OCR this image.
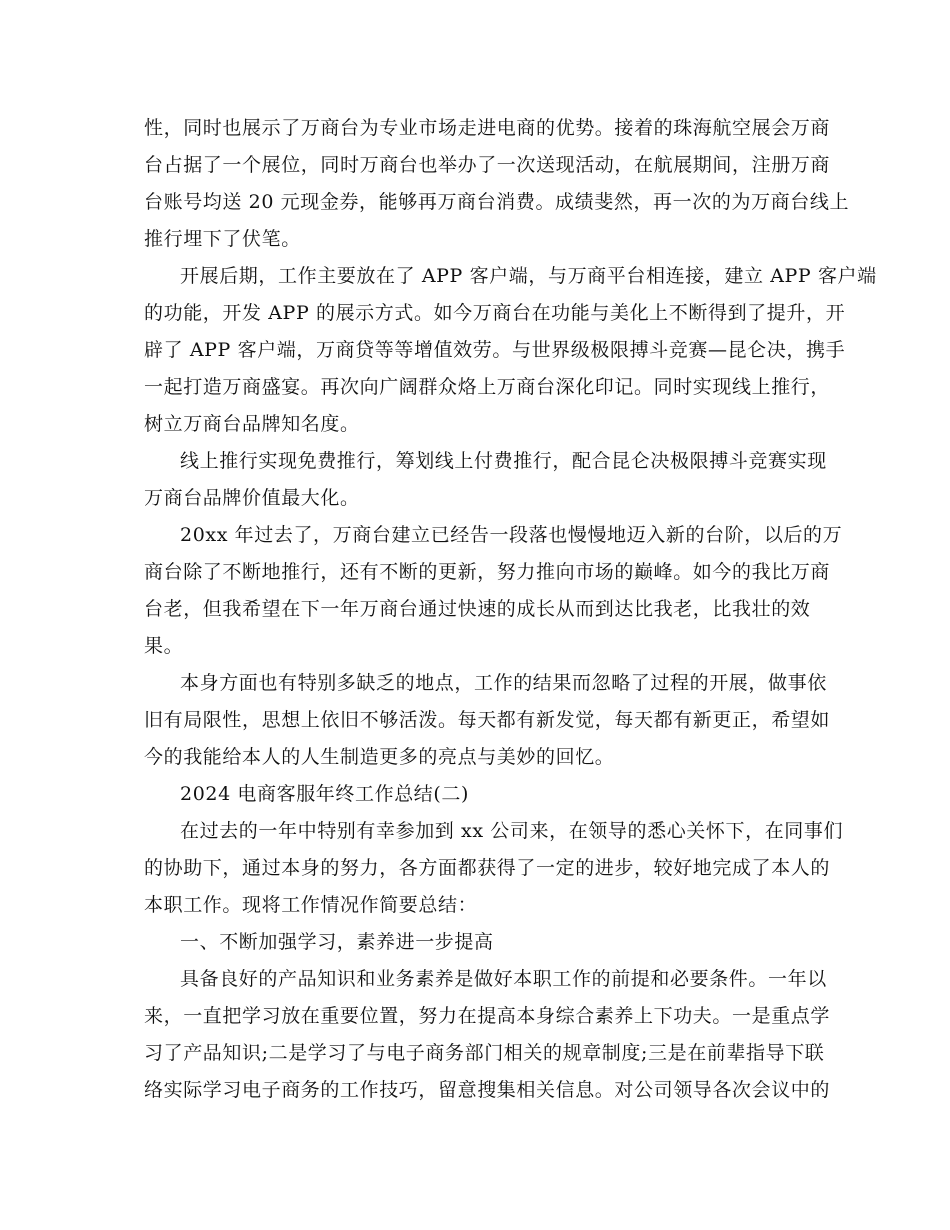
性，同时也展示了万商台为专业市场走进电商的优势。接着的珠海航空展会万商
台占据了一个展位，同时万商台也举办了一次送现活动，在航展期间，注册万商
台账号均送 20 元现金券，能够再万商台消费。成绩斐然，再一次的为万商台线上
推行埋下了伏笔。
开展后期，工作主要放在了 APP 客户端，与万商平台相连接，建立 APP 客户端
的功能，开发 APP 的展示方式。如今万商台在功能与美化上不断得到了提升，开
辟了 APP 客户端，万商贷等等增值效劳。与世界级极限搏斗竞赛—昆仑决，携手
一起打造万商盛宴。再次向广阔群众烙上万商台深化印记。同时实现线上推行，
树立万商台品牌知名度。
线上推行实现免费推行，筹划线上付费推行，配合昆仑决极限搏斗竞赛实现
万商台品牌价值最大化。
20xx 年过去了，万商台建立已经告一段落也慢慢地迈入新的台阶，以后的万
商台除了不断地推行，还有不断的更新，努力推向市场的巅峰。如今的我比万商
台老，但我希望在下一年万商台通过快速的成长从而到达比我老，比我壮的效
果。
本身方面也有特别多缺乏的地点，工作的结果而忽略了过程的开展，做事依
旧有局限性，思想上依旧不够活泼。每天都有新发觉，每天都有新更正，希望如
今的我能给本人的人生制造更多的亮点与美妙的回忆。
2024 电商客服年终工作总结(二)
在过去的一年中特别有幸参加到 xx 公司来，在领导的悉心关怀下，在同事们
的协助下，通过本身的努力，各方面都获得了一定的进步，较好地完成了本人的
本职工作。现将工作情况作简要总结：
一、不断加强学习，素养进一步提高
具备良好的产品知识和业务素养是做好本职工作的前提和必要条件。一年以
来，一直把学习放在重要位置，努力在提高本身综合素养上下功夫。一是重点学
习了产品知识;二是学习了与电子商务部门相关的规章制度;三是在前辈指导下联
络实际学习电子商务的工作技巧，留意搜集相关信息。对公司领导各次会议中的
